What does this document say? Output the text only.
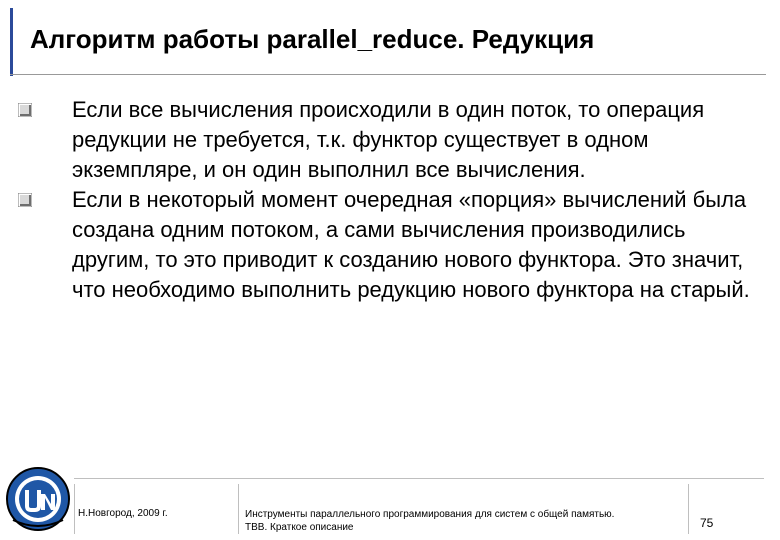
Алгоритм работы parallel_reduce. Редукция
Если все вычисления происходили в один поток, то операция редукции не требуется, т.к. функтор существует в одном экземпляре, и он один выполнил все вычисления.
Если в некоторый момент очередная «порция» вычислений была создана одним потоком, а сами вычисления производились другим, то это приводит к созданию нового функтора. Это значит, что необходимо выполнить редукцию нового функтора на старый.

Н.Новгород, 2009 г.	Инструменты параллельного программирования для систем с общей памятью.
TBB. Краткое описание	75
